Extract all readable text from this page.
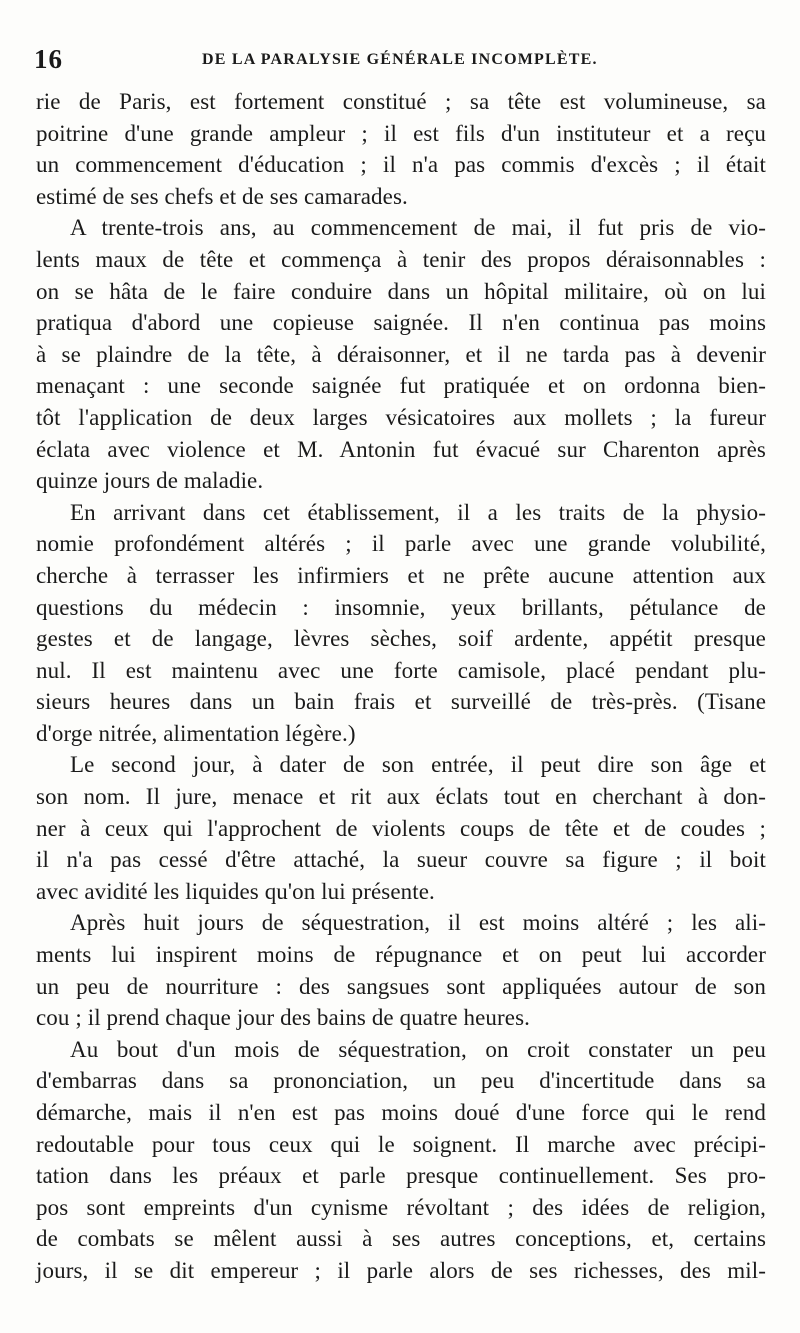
16	DE LA PARALYSIE GÉNÉRALE INCOMPLÈTE.
rie de Paris, est fortement constitué ; sa tête est volumineuse, sa
poitrine d'une grande ampleur ; il est fils d'un instituteur et a reçu
un commencement d'éducation ; il n'a pas commis d'excès ; il était
estimé de ses chefs et de ses camarades.
A trente-trois ans, au commencement de mai, il fut pris de vio-
lents maux de tête et commença à tenir des propos déraisonnables :
on se hâta de le faire conduire dans un hôpital militaire, où on lui
pratiqua d'abord une copieuse saignée. Il n'en continua pas moins
à se plaindre de la tête, à déraisonner, et il ne tarda pas à devenir
menaçant : une seconde saignée fut pratiquée et on ordonna bien-
tôt l'application de deux larges vésicatoires aux mollets ; la fureur
éclata avec violence et M. Antonin fut évacué sur Charenton après
quinze jours de maladie.
En arrivant dans cet établissement, il a les traits de la physio-
nomie profondément altérés ; il parle avec une grande volubilité,
cherche à terrasser les infirmiers et ne prête aucune attention aux
questions du médecin : insomnie, yeux brillants, pétulance de
gestes et de langage, lèvres sèches, soif ardente, appétit presque
nul. Il est maintenu avec une forte camisole, placé pendant plu-
sieurs heures dans un bain frais et surveillé de très-près. (Tisane
d'orge nitrée, alimentation légère.)
Le second jour, à dater de son entrée, il peut dire son âge et
son nom. Il jure, menace et rit aux éclats tout en cherchant à don-
ner à ceux qui l'approchent de violents coups de tête et de coudes ;
il n'a pas cessé d'être attaché, la sueur couvre sa figure ; il boit
avec avidité les liquides qu'on lui présente.
Après huit jours de séquestration, il est moins altéré ; les ali-
ments lui inspirent moins de répugnance et on peut lui accorder
un peu de nourriture : des sangsues sont appliquées autour de son
cou ; il prend chaque jour des bains de quatre heures.
Au bout d'un mois de séquestration, on croit constater un peu
d'embarras dans sa prononciation, un peu d'incertitude dans sa
démarche, mais il n'en est pas moins doué d'une force qui le rend
redoutable pour tous ceux qui le soignent. Il marche avec précipi-
tation dans les préaux et parle presque continuellement. Ses pro-
pos sont empreints d'un cynisme révoltant ; des idées de religion,
de combats se mêlent aussi à ses autres conceptions, et, certains
jours, il se dit empereur ; il parle alors de ses richesses, des mil-
